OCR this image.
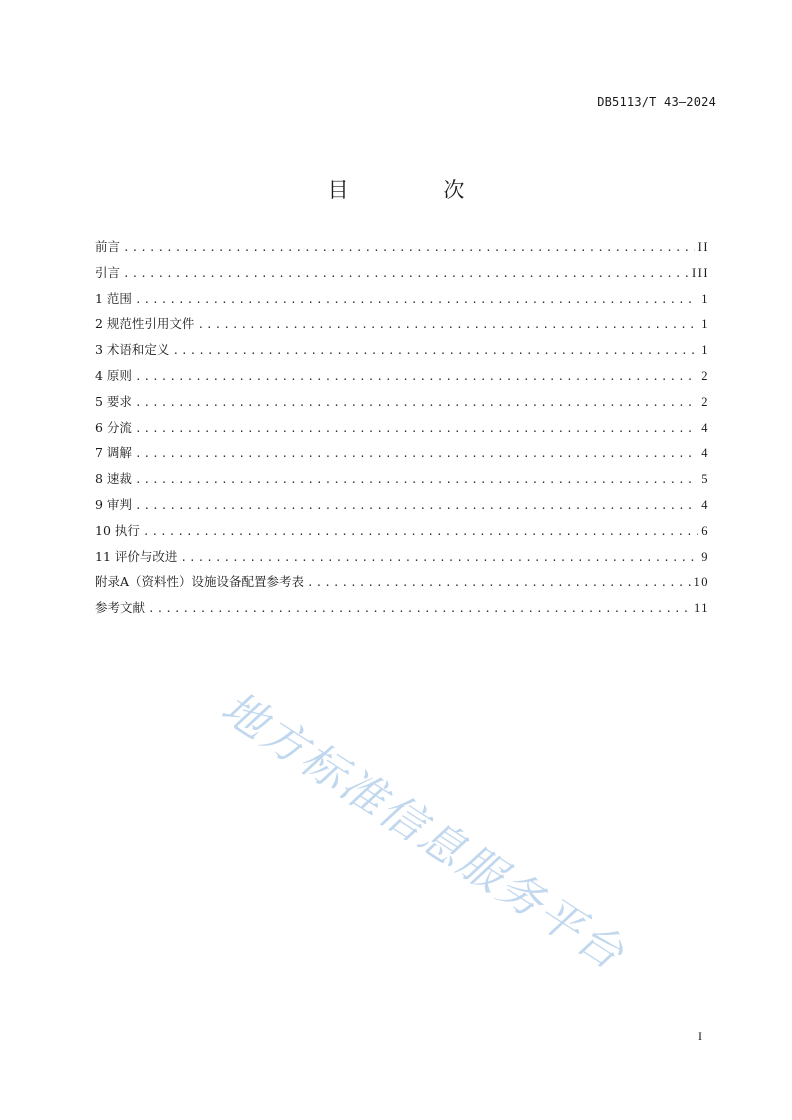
DB5113/T 43—2024
目 次
前言 .....	II
引言 .....	III
1 范围 .....	1
2 规范性引用文件 .....	1
3 术语和定义 .....	1
4 原则 .....	2
5 要求 .....	2
6 分流 .....	4
7 调解 .....	4
8 速裁 .....	5
9 审判 .....	4
10 执行 .....	6
11 评价与改进 .....	9
附录A（资料性）设施设备配置参考表 .....	10
参考文献 .....	11
地方标准信息服务平台
I
